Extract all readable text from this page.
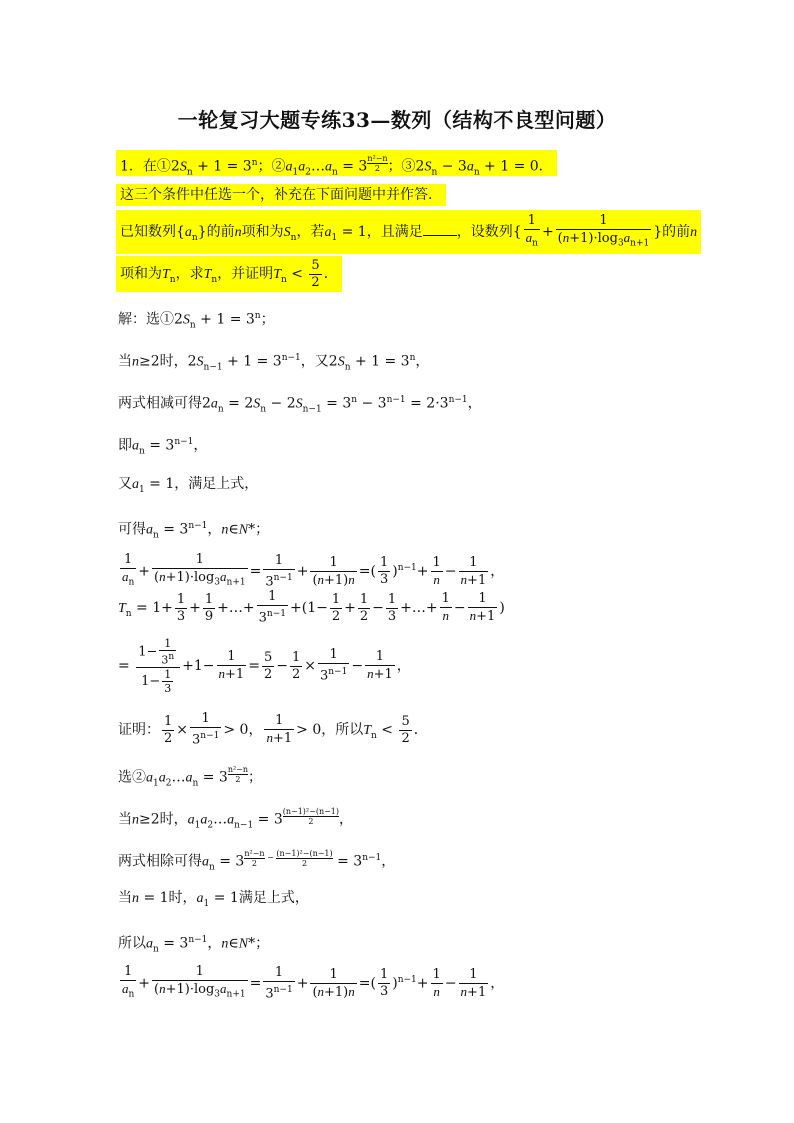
一轮复习大题专练33—数列（结构不良型问题）
1．在$①2S_n + 1 = 3^n$；$②a_1a_2\dots a_n = 3$ $^{\frac{\text{n²−n}}{2}}$ ；$③2S_n - 3a_n + 1 = 0$．
这三个条件中任选一个，补充在下面问题中并作答．
已知数列$\{a_n\}$的前n项和为$S_n$，若$a_1 = 1$，且满足 ，设数列{ $\frac{1}{a_n} + \frac{1}{(n+1)\cdot\log_3a_{n+1}}$ }的前n
项和为$T_n$，求$T_n$，并证明$T_n < \frac{5}{2}$ ．
解：选$①2S_n + 1 = 3^n$；
当n≥2时，$2S_{n-1} + 1 = 3^{n-1}$，又$2S_n + 1 = 3^n$，
两式相减可得$2a_n = 2S_n - 2S_{n-1} = 3^n - 3^{n-1} = 2\cdot 3^{n-1}$，
即$a_n = 3^{n-1}$，
又$a_1 = 1$，满足上式，
可得$a_n = 3^{n-1}$，n∈N*；
$\frac{1}{a_n} + \frac{1}{(n+1)\cdot\log_3a_{n+1}} = \frac{1}{3^{n-1}} + \frac{1}{(n+1)n}$ =( $\frac{1}{3} )^{n-1}+ \frac{1}{n} - \frac{1}{n+1}$ ，
$T_n = 1+ \frac{1}{3} + \frac{1}{9}$ +…+ $\frac{1}{3^{n-1}} +(1- \frac{1}{2} + \frac{1}{2} - \frac{1}{3}$ +…+ $\frac{1}{n} - \frac{1}{n+1}$ )
= $\frac{1- \frac{1}{3^n}}{1- \frac{1}{3}} +1- \frac{1}{n+1} = \frac{5}{2} - \frac{1}{2} \times \frac{1}{3^{n-1}} - \frac{1}{n+1}$ ，
证明： $\frac{1}{2} \times \frac{1}{3^{n-1}} > 0$， $\frac{1}{n+1} > 0$，所以$T_n < \frac{5}{2}$ ．
选$②a_1a_2\dots a_n = 3$ $^{\frac{\text{n²−n}}{2}}$ ；
当n≥2时，$a_1a_2\dots a_{n-1} = 3$ $^{\frac{\text{(n−1)²−(n−1)}}{2}}$ ，
两式相除可得$a_n = 3$ $^{\frac{\text{n²−n}}{2} - \frac{\text{(n−1)²−(n−1)}}{2}} = 3^{n-1}$，
当n = 1时，$a_1 = 1$满足上式，
所以$a_n = 3^{n-1}$，n∈N*；
$\frac{1}{a_n} + \frac{1}{(n+1)\cdot\log_3a_{n+1}} = \frac{1}{3^{n-1}} + \frac{1}{(n+1)n}$ =( $\frac{1}{3} )^{n-1}+ \frac{1}{n} - \frac{1}{n+1}$ ，
